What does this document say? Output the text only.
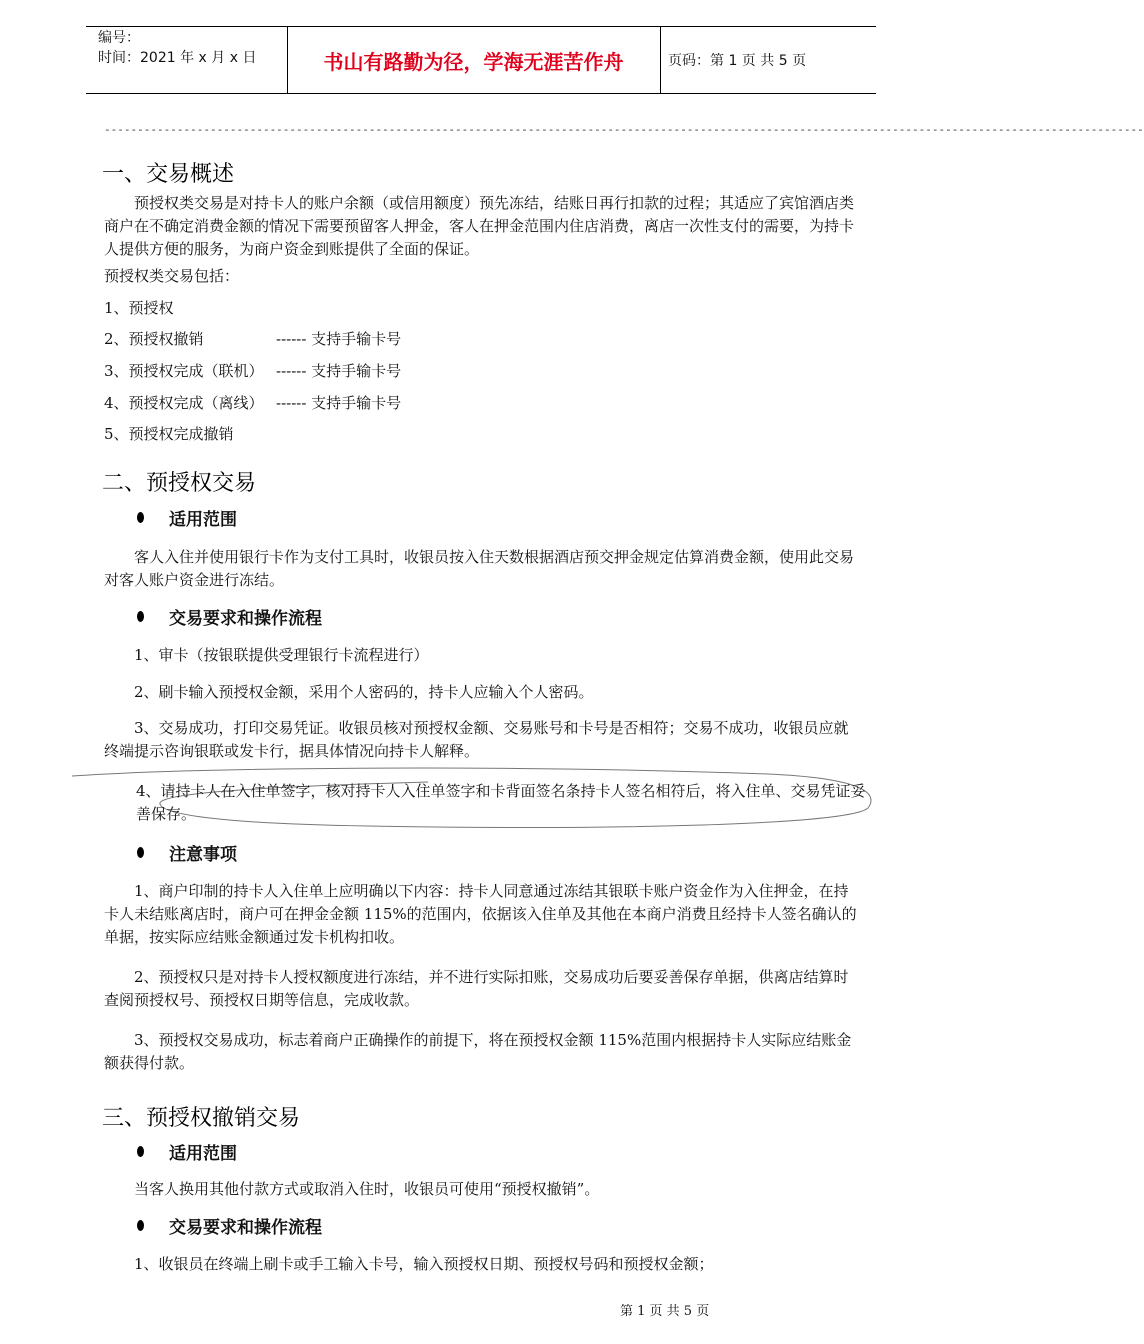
编号：
时间：2021 年 x 月 x 日	书山有路勤为径，学海无涯苦作舟	页码：第 1 页 共 5 页
-------------------------------------------------------------------------------------------------------------------------------------------------------------
一、交易概述
预授权类交易是对持卡人的账户余额（或信用额度）预先冻结，结账日再行扣款的过程；其适应了宾馆酒店类商户在不确定消费金额的情况下需要预留客人押金，客人在押金范围内住店消费，离店一次性支付的需要，为持卡人提供方便的服务，为商户资金到账提供了全面的保证。
预授权类交易包括：
1、预授权
2、预授权撤销	------ 支持手输卡号
3、预授权完成（联机） ------ 支持手输卡号
4、预授权完成（离线） ------ 支持手输卡号
5、预授权完成撤销
二、预授权交易
适用范围
客人入住并使用银行卡作为支付工具时，收银员按入住天数根据酒店预交押金规定估算消费金额，使用此交易对客人账户资金进行冻结。
交易要求和操作流程
1、审卡（按银联提供受理银行卡流程进行）
2、刷卡输入预授权金额，采用个人密码的，持卡人应输入个人密码。
3、交易成功，打印交易凭证。收银员核对预授权金额、交易账号和卡号是否相符；交易不成功，收银员应就终端提示咨询银联或发卡行，据具体情况向持卡人解释。
4、请持卡人在入住单签字，核对持卡人入住单签字和卡背面签名条持卡人签名相符后，将入住单、交易凭证妥善保存。
注意事项
1、商户印制的持卡人入住单上应明确以下内容：持卡人同意通过冻结其银联卡账户资金作为入住押金，在持卡人未结账离店时，商户可在押金金额 115%的范围内，依据该入住单及其他在本商户消费且经持卡人签名确认的单据，按实际应结账金额通过发卡机构扣收。
2、预授权只是对持卡人授权额度进行冻结，并不进行实际扣账，交易成功后要妥善保存单据，供离店结算时查阅预授权号、预授权日期等信息，完成收款。
3、预授权交易成功，标志着商户正确操作的前提下，将在预授权金额 115%范围内根据持卡人实际应结账金额获得付款。
三、预授权撤销交易
适用范围
当客人换用其他付款方式或取消入住时，收银员可使用“预授权撤销”。
交易要求和操作流程
1、收银员在终端上刷卡或手工输入卡号，输入预授权日期、预授权号码和预授权金额；
第 1 页 共 5 页
